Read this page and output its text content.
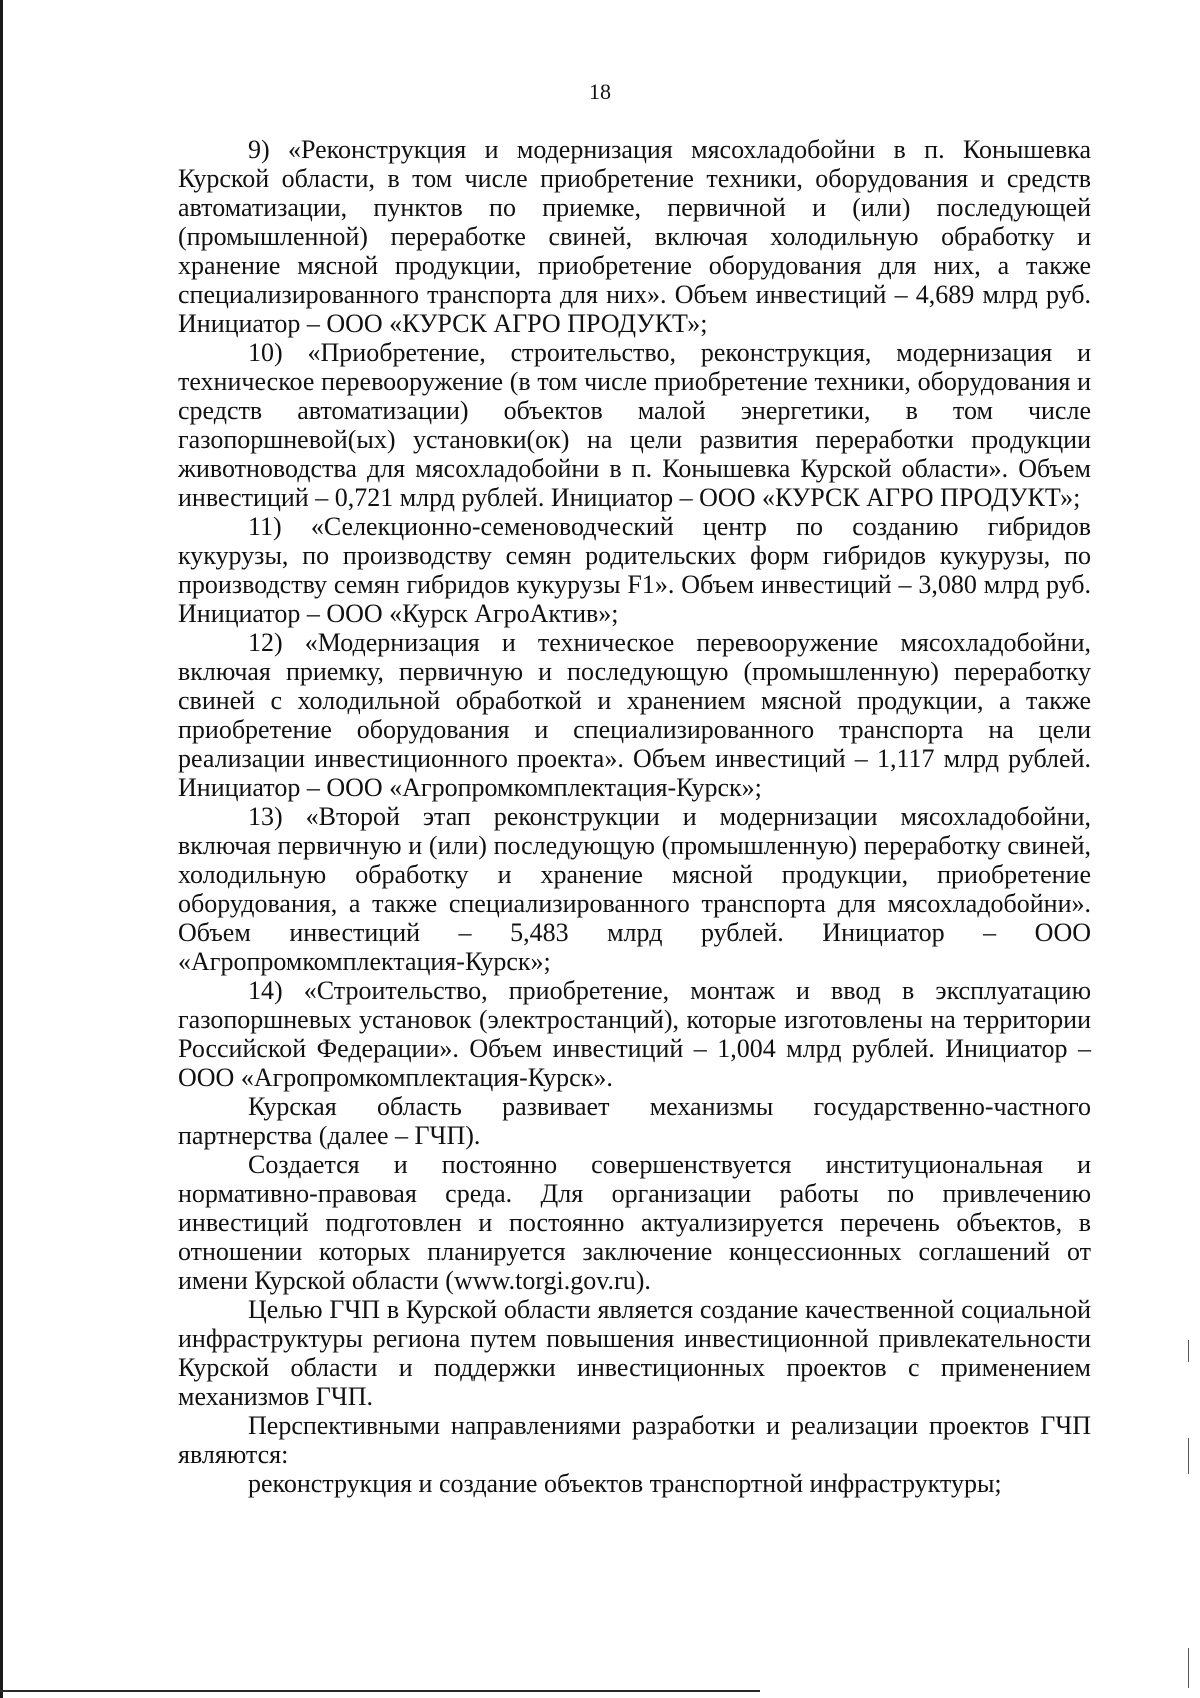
18

9) «Реконструкция и модернизация мясохладобойни в п. Конышевка Курской области, в том числе приобретение техники, оборудования и средств автоматизации, пунктов по приемке, первичной и (или) последующей (промышленной) переработке свиней, включая холодильную обработку и хранение мясной продукции, приобретение оборудования для них, а также специализированного транспорта для них». Объем инвестиций – 4,689 млрд руб. Инициатор – ООО «КУРСК АГРО ПРОДУКТ»;

10) «Приобретение, строительство, реконструкция, модернизация и техническое перевооружение (в том числе приобретение техники, оборудования и средств автоматизации) объектов малой энергетики, в том числе газопоршневой(ых) установки(ок) на цели развития переработки продукции животноводства для мясохладобойни в п. Конышевка Курской области». Объем инвестиций – 0,721 млрд рублей. Инициатор – ООО «КУРСК АГРО ПРОДУКТ»;

11) «Селекционно-семеноводческий центр по созданию гибридов кукурузы, по производству семян родительских форм гибридов кукурузы, по производству семян гибридов кукурузы F1». Объем инвестиций – 3,080 млрд руб. Инициатор – ООО «Курск АгроАктив»;

12) «Модернизация и техническое перевооружение мясохладобойни, включая приемку, первичную и последующую (промышленную) переработку свиней с холодильной обработкой и хранением мясной продукции, а также приобретение оборудования и специализированного транспорта на цели реализации инвестиционного проекта». Объем инвестиций – 1,117 млрд рублей. Инициатор – ООО «Агропромкомплектация-Курск»;

13) «Второй этап реконструкции и модернизации мясохладобойни, включая первичную и (или) последующую (промышленную) переработку свиней, холодильную обработку и хранение мясной продукции, приобретение оборудования, а также специализированного транспорта для мясохладобойни». Объем инвестиций – 5,483 млрд рублей. Инициатор – ООО «Агропромкомплектация-Курск»;

14) «Строительство, приобретение, монтаж и ввод в эксплуатацию газопоршневых установок (электростанций), которые изготовлены на территории Российской Федерации». Объем инвестиций – 1,004 млрд рублей. Инициатор – ООО «Агропромкомплектация-Курск».

Курская область развивает механизмы государственно-частного партнерства (далее – ГЧП).

Создается и постоянно совершенствуется институциональная и нормативно-правовая среда. Для организации работы по привлечению инвестиций подготовлен и постоянно актуализируется перечень объектов, в отношении которых планируется заключение концессионных соглашений от имени Курской области (www.torgi.gov.ru).

Целью ГЧП в Курской области является создание качественной социальной инфраструктуры региона путем повышения инвестиционной привлекательности Курской области и поддержки инвестиционных проектов с применением механизмов ГЧП.

Перспективными направлениями разработки и реализации проектов ГЧП являются:

реконструкция и создание объектов транспортной инфраструктуры;
